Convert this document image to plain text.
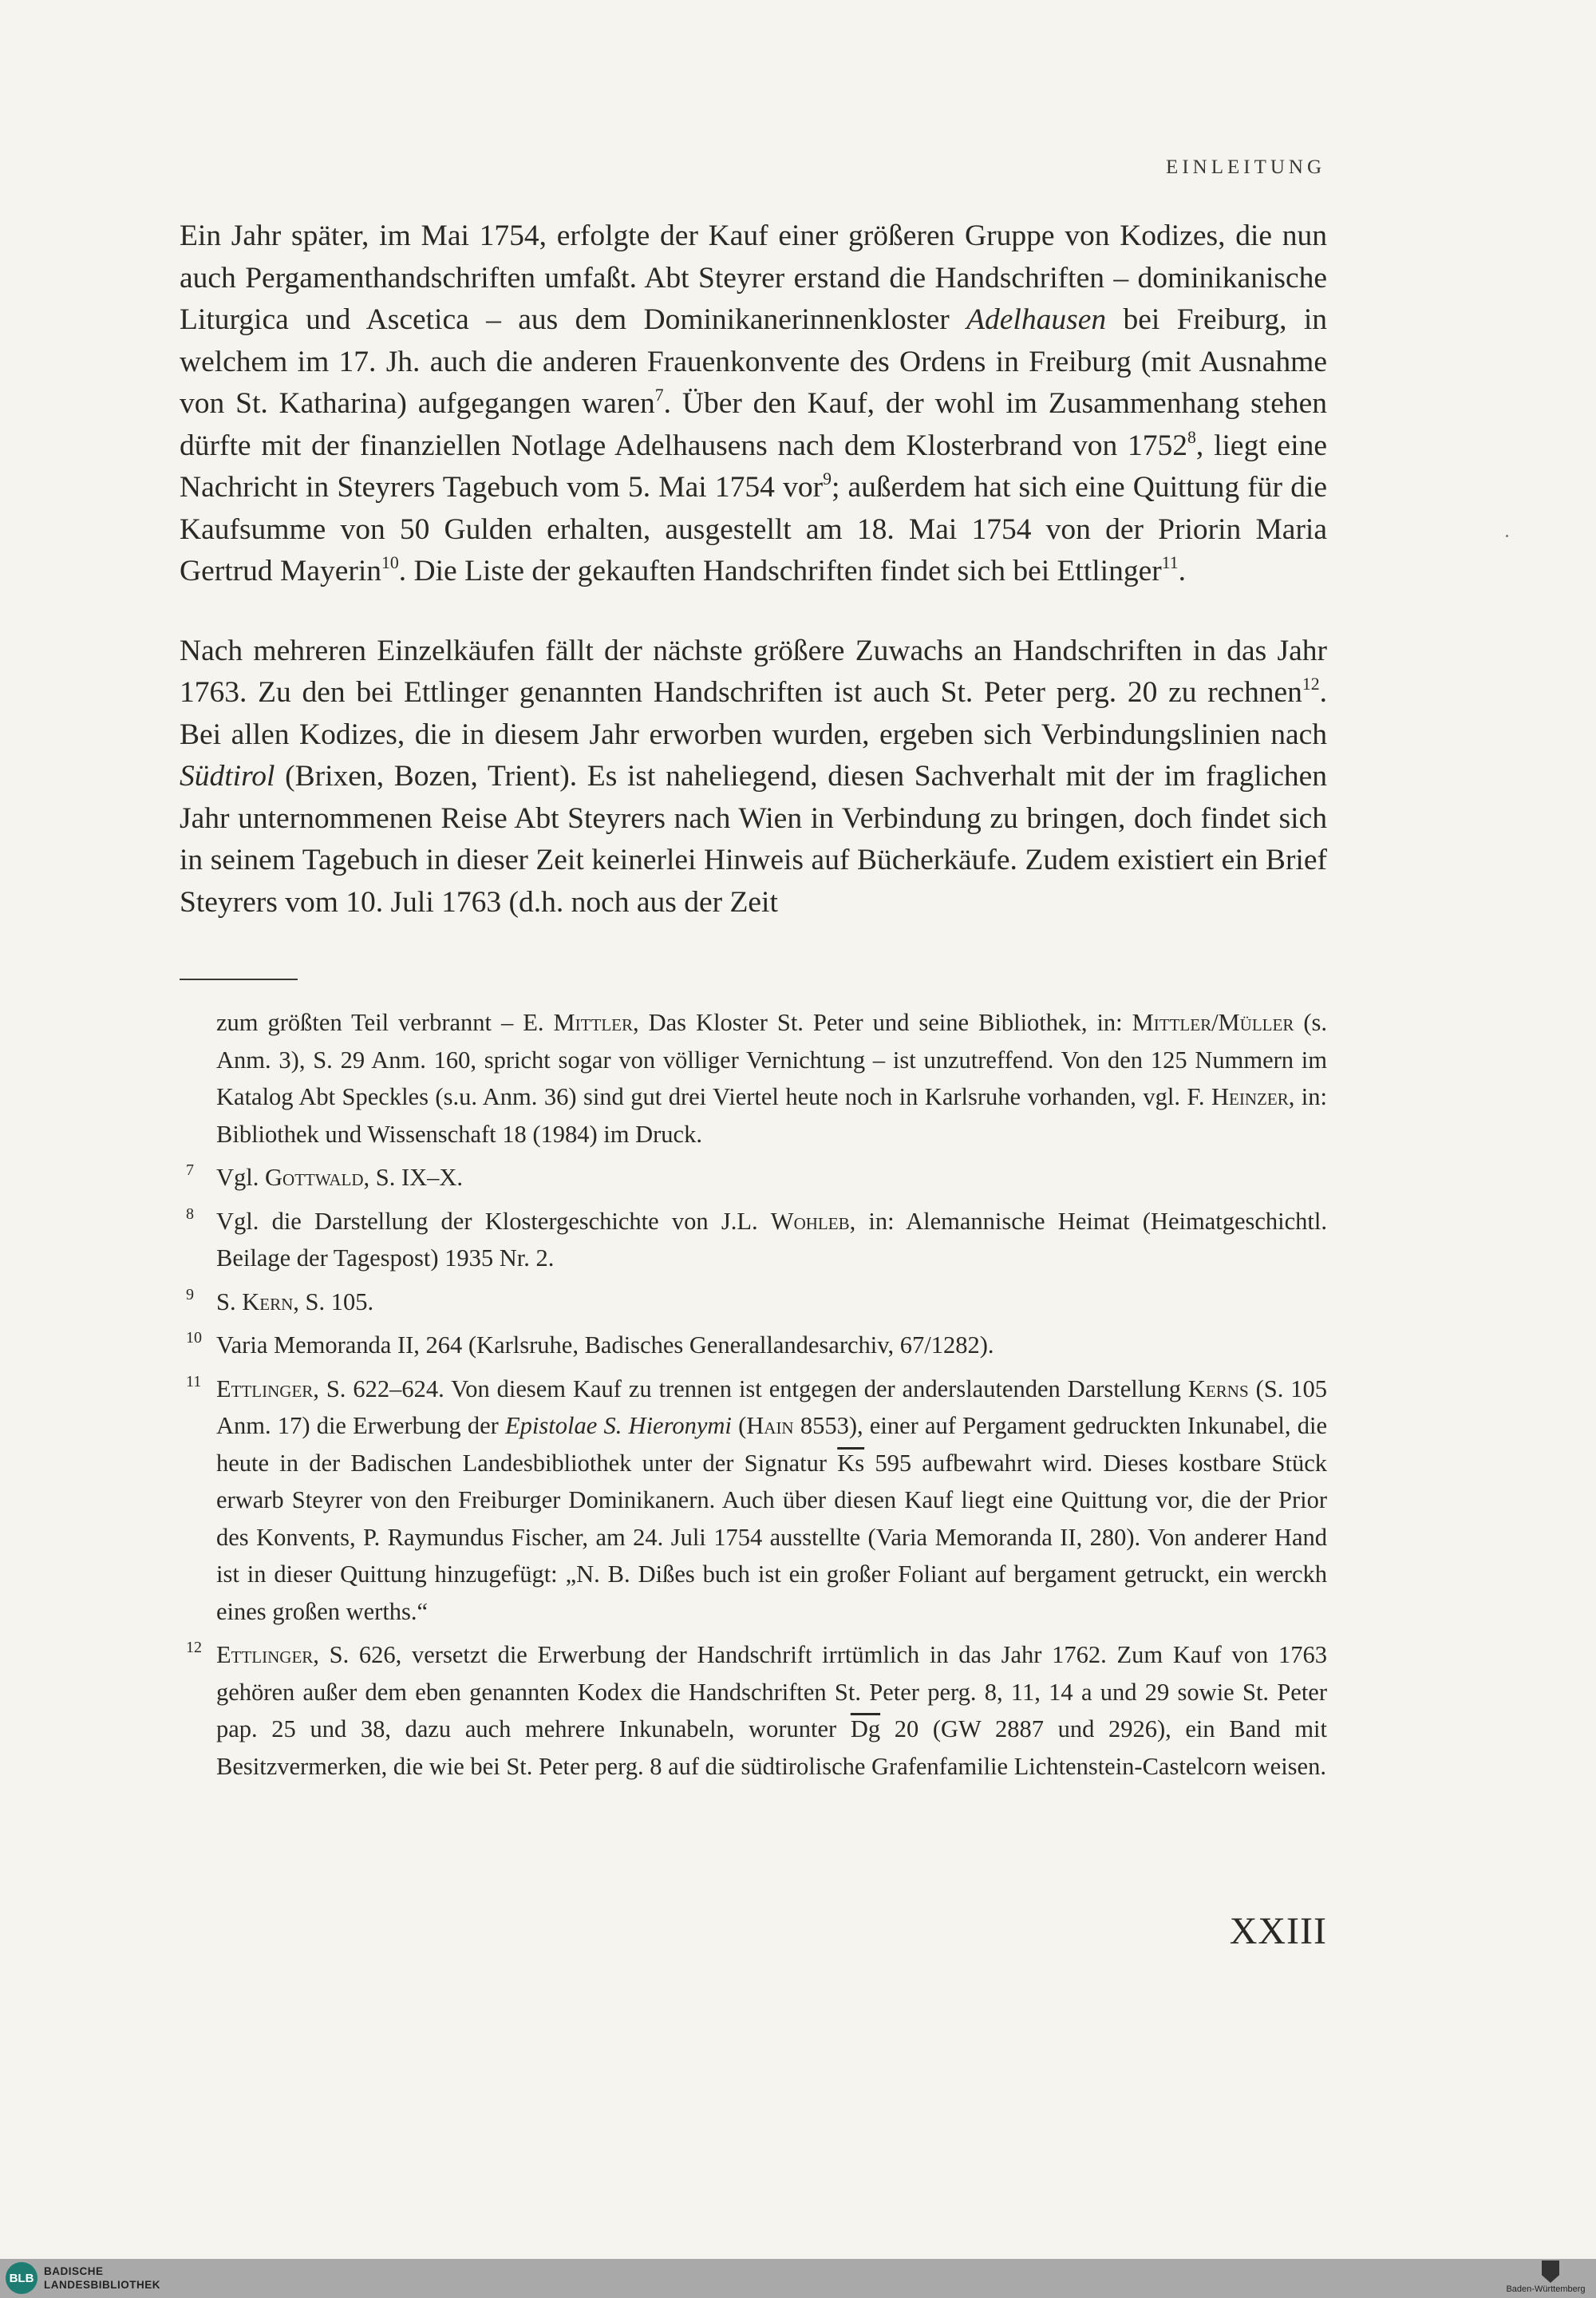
EINLEITUNG

Ein Jahr später, im Mai 1754, erfolgte der Kauf einer größeren Gruppe von Kodizes, die nun auch Pergamenthandschriften umfaßt. Abt Steyrer erstand die Handschriften – dominikanische Liturgica und Ascetica – aus dem Dominikanerinnenkloster Adelhausen bei Freiburg, in welchem im 17. Jh. auch die anderen Frauenkonvente des Ordens in Freiburg (mit Ausnahme von St. Katharina) aufgegangen waren$^7$. Über den Kauf, der wohl im Zusammenhang stehen dürfte mit der finanziellen Notlage Adelhausens nach dem Klosterbrand von 1752$^8$, liegt eine Nachricht in Steyrers Tagebuch vom 5. Mai 1754 vor$^9$; außerdem hat sich eine Quittung für die Kaufsumme von 50 Gulden erhalten, ausgestellt am 18. Mai 1754 von der Priorin Maria Gertrud Mayerin$^{10}$. Die Liste der gekauften Handschriften findet sich bei Ettlinger$^{11}$.

Nach mehreren Einzelkäufen fällt der nächste größere Zuwachs an Handschriften in das Jahr 1763. Zu den bei Ettlinger genannten Handschriften ist auch St. Peter perg. 20 zu rechnen$^{12}$. Bei allen Kodizes, die in diesem Jahr erworben wurden, ergeben sich Verbindungslinien nach Südtirol (Brixen, Bozen, Trient). Es ist naheliegend, diesen Sachverhalt mit der im fraglichen Jahr unternommenen Reise Abt Steyrers nach Wien in Verbindung zu bringen, doch findet sich in seinem Tagebuch in dieser Zeit keinerlei Hinweis auf Bücherkäufe. Zudem existiert ein Brief Steyrers vom 10. Juli 1763 (d.h. noch aus der Zeit

zum größten Teil verbrannt – E. Mittler, Das Kloster St. Peter und seine Bibliothek, in: Mittler/Müller (s. Anm. 3), S. 29 Anm. 160, spricht sogar von völliger Vernichtung – ist unzutreffend. Von den 125 Nummern im Katalog Abt Speckles (s.u. Anm. 36) sind gut drei Viertel heute noch in Karlsruhe vorhanden, vgl. F. Heinzer, in: Bibliothek und Wissenschaft 18 (1984) im Druck.
7 Vgl. Gottwald, S. IX–X.
8 Vgl. die Darstellung der Klostergeschichte von J.L. Wohleb, in: Alemannische Heimat (Heimatgeschichtl. Beilage der Tagespost) 1935 Nr. 2.
9 S. Kern, S. 105.
10 Varia Memoranda II, 264 (Karlsruhe, Badisches Generallandesarchiv, 67/1282).
11 Ettlinger, S. 622–624. Von diesem Kauf zu trennen ist entgegen der anderslautenden Darstellung Kerns (S. 105 Anm. 17) die Erwerbung der Epistolae S. Hieronymi (Hain 8553), einer auf Pergament gedruckten Inkunabel, die heute in der Badischen Landesbibliothek unter der Signatur $\overline{Ks}$ 595 aufbewahrt wird. Dieses kostbare Stück erwarb Steyrer von den Freiburger Dominikanern. Auch über diesen Kauf liegt eine Quittung vor, die der Prior des Konvents, P. Raymundus Fischer, am 24. Juli 1754 ausstellte (Varia Memoranda II, 280). Von anderer Hand ist in dieser Quittung hinzugefügt: „N. B. Dißes buch ist ein großer Foliant auf bergament getruckt, ein werckh eines großen werths.“
12 Ettlinger, S. 626, versetzt die Erwerbung der Handschrift irrtümlich in das Jahr 1762. Zum Kauf von 1763 gehören außer dem eben genannten Kodex die Handschriften St. Peter perg. 8, 11, 14 a und 29 sowie St. Peter pap. 25 und 38, dazu auch mehrere Inkunabeln, worunter $\overline{Dg}$ 20 (GW 2887 und 2926), ein Band mit Besitzvermerken, die wie bei St. Peter perg. 8 auf die südtirolische Grafenfamilie Lichtenstein-Castelcorn weisen.
XXIII
BLB BADISCHE
LANDESBIBLIOTHEK	Baden-Württemberg
